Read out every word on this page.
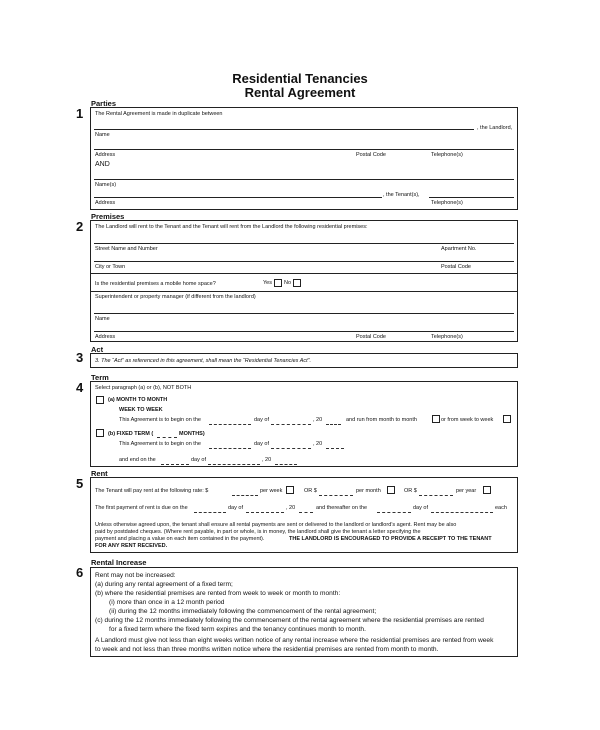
Residential Tenancies
Rental Agreement
Parties
1 The Rental Agreement is made in duplicate between
Name
, the Landlord,
Address	Postal Code	Telephone(s)
AND
Name(s)
, the Tenant(s),
Address	Telephone(s)
Premises
2 The Landlord will rent to the Tenant and the Tenant will rent from the Landlord the following residential premises:
Street Name and Number	Apartment No.
City or Town	Postal Code
Is the residential premises a mobile home space?	Yes No
Superintendent or property manager (if different from the landlord)
Name
Address	Postal Code	Telephone(s)
Act
3 3. The “Act” as referenced in this agreement, shall mean the “Residential Tenancies Act”.
Term
4 Select paragraph (a) or (b), NOT BOTH
(a) MONTH TO MONTH
WEEK TO WEEK
This Agreement is to begin on the	day of	, 20	and run from month to month	or from week to week
(b) FIXED TERM (	MONTHS)
This Agreement is to begin on the	day of	, 20
and end on the	day of	, 20
Rent
5 The Tenant will pay rent at the following rate: $	per week	OR $	per month	OR $	per year
The first payment of rent is due on the	day of	, 20	and thereafter on the	day of	each
Unless otherwise agreed upon, the tenant shall ensure all rental payments are sent or delivered to the landlord or landlord’s agent. Rent may be also
paid by postdated cheques. (Where rent payable, in part or whole, is in money, the landlord shall give the tenant a letter specifying the
payment and placing a value on each item contained in the payment).	THE LANDLORD IS ENCOURAGED TO PROVIDE A RECEIPT TO THE TENANT
FOR ANY RENT RECEIVED.
Rental Increase
6 Rent may not be increased:
(a) during any rental agreement of a fixed term;
(b) where the residential premises are rented from week to week or month to month:
(i) more than once in a 12 month period
(ii) during the 12 months immediately following the commencement of the rental agreement;
(c) during the 12 months immediately following the commencement of the rental agreement where the residential premises are rented
for a fixed term where the fixed term expires and the tenancy continues month to month.
A Landlord must give not less than eight weeks written notice of any rental increase where the residential premises are rented from week
to week and not less than three months written notice where the residential premises are rented from month to month.
